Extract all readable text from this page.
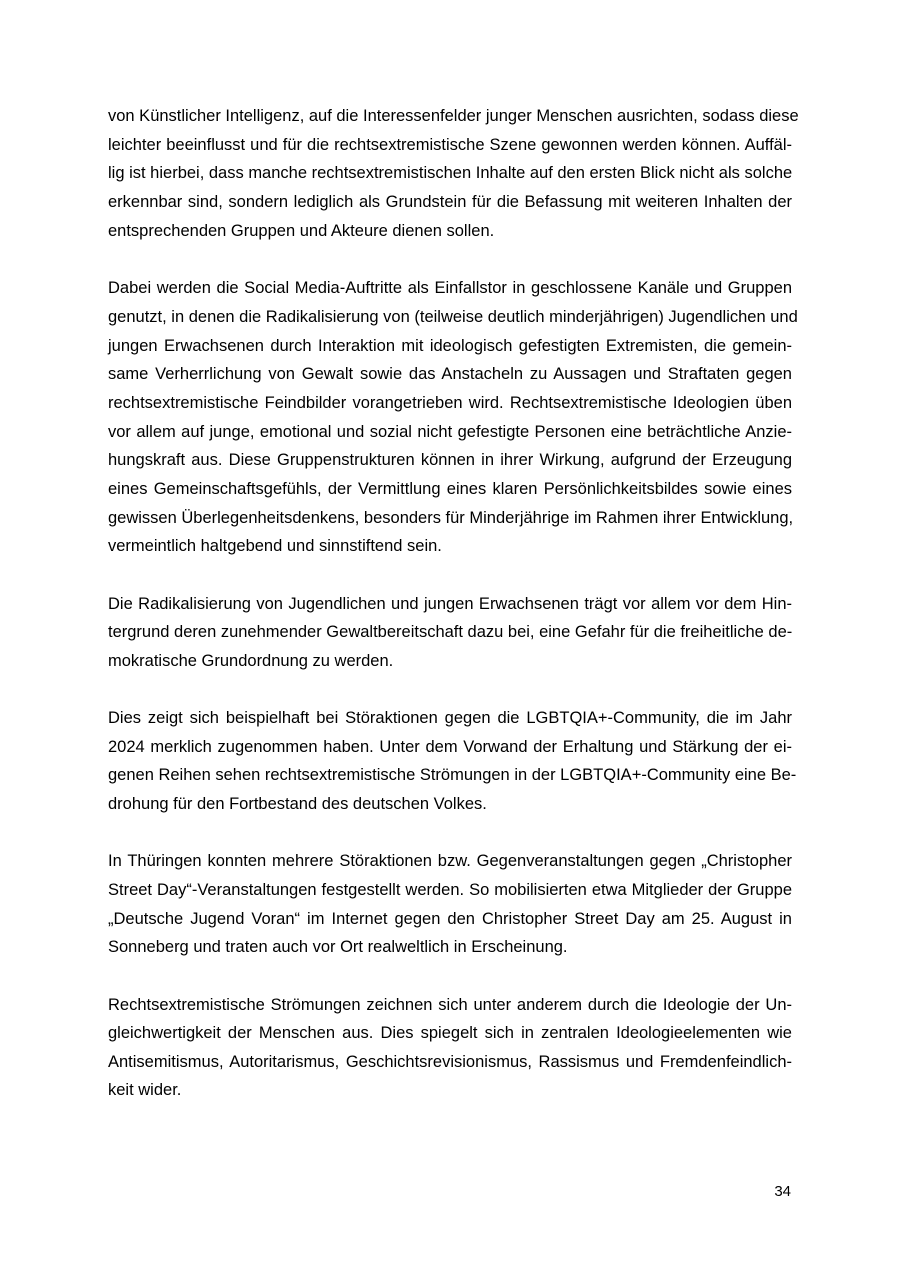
von Künstlicher Intelligenz, auf die Interessenfelder junger Menschen ausrichten, sodass diese
leichter beeinflusst und für die rechtsextremistische Szene gewonnen werden können. Auffäl-
lig ist hierbei, dass manche rechtsextremistischen Inhalte auf den ersten Blick nicht als solche
erkennbar sind, sondern lediglich als Grundstein für die Befassung mit weiteren Inhalten der
entsprechenden Gruppen und Akteure dienen sollen.
Dabei werden die Social Media-Auftritte als Einfallstor in geschlossene Kanäle und Gruppen
genutzt, in denen die Radikalisierung von (teilweise deutlich minderjährigen) Jugendlichen und
jungen Erwachsenen durch Interaktion mit ideologisch gefestigten Extremisten, die gemein-
same Verherrlichung von Gewalt sowie das Anstacheln zu Aussagen und Straftaten gegen
rechtsextremistische Feindbilder vorangetrieben wird. Rechtsextremistische Ideologien üben
vor allem auf junge, emotional und sozial nicht gefestigte Personen eine beträchtliche Anzie-
hungskraft aus. Diese Gruppenstrukturen können in ihrer Wirkung, aufgrund der Erzeugung
eines Gemeinschaftsgefühls, der Vermittlung eines klaren Persönlichkeitsbildes sowie eines
gewissen Überlegenheitsdenkens, besonders für Minderjährige im Rahmen ihrer Entwicklung,
vermeintlich haltgebend und sinnstiftend sein.
Die Radikalisierung von Jugendlichen und jungen Erwachsenen trägt vor allem vor dem Hin-
tergrund deren zunehmender Gewaltbereitschaft dazu bei, eine Gefahr für die freiheitliche de-
mokratische Grundordnung zu werden.
Dies zeigt sich beispielhaft bei Störaktionen gegen die LGBTQIA+-Community, die im Jahr
2024 merklich zugenommen haben. Unter dem Vorwand der Erhaltung und Stärkung der ei-
genen Reihen sehen rechtsextremistische Strömungen in der LGBTQIA+-Community eine Be-
drohung für den Fortbestand des deutschen Volkes.
In Thüringen konnten mehrere Störaktionen bzw. Gegenveranstaltungen gegen „Christopher
Street Day“-Veranstaltungen festgestellt werden. So mobilisierten etwa Mitglieder der Gruppe
„Deutsche Jugend Voran“ im Internet gegen den Christopher Street Day am 25. August in
Sonneberg und traten auch vor Ort realweltlich in Erscheinung.
Rechtsextremistische Strömungen zeichnen sich unter anderem durch die Ideologie der Un-
gleichwertigkeit der Menschen aus. Dies spiegelt sich in zentralen Ideologieelementen wie
Antisemitismus, Autoritarismus, Geschichtsrevisionismus, Rassismus und Fremdenfeindlich-
keit wider.
34
